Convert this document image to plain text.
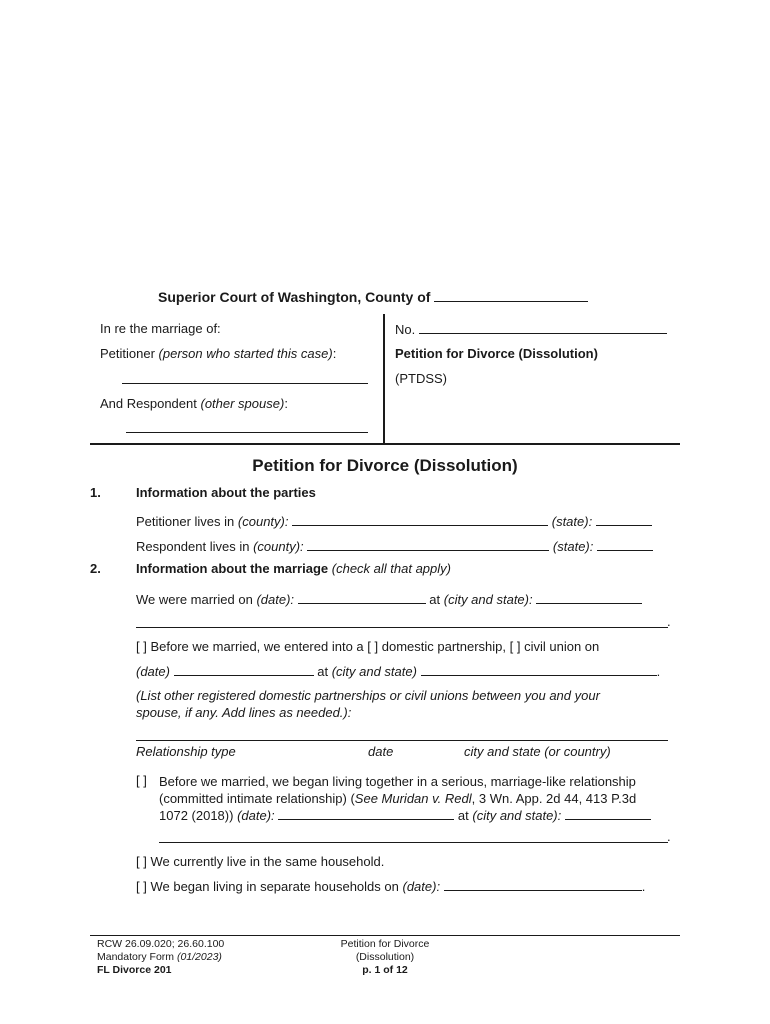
Superior Court of Washington, County of
In re the marriage of:
Petitioner (person who started this case):
And Respondent (other spouse):
No.
Petition for Divorce (Dissolution)
(PTDSS)
Petition for Divorce (Dissolution)
1.	Information about the parties
Petitioner lives in (county):	(state):
Respondent lives in (county):	(state):
2.	Information about the marriage (check all that apply)
We were married on (date):	at (city and state):
.
[ ] Before we married, we entered into a [ ] domestic partnership, [ ] civil union on
(date)	at (city and state)	.
(List other registered domestic partnerships or civil unions between you and your spouse, if any. Add lines as needed.):
Relationship type	date	city and state (or country)
[ ] Before we married, we began living together in a serious, marriage-like relationship
(committed intimate relationship) (See Muridan v. Redl, 3 Wn. App. 2d 44, 413 P.3d
1072 (2018)) (date):	at (city and state):
.
[ ] We currently live in the same household.
[ ] We began living in separate households on (date):	.
RCW 26.09.020; 26.60.100
Mandatory Form (01/2023)
FL Divorce 201
Petition for Divorce
(Dissolution)
p. 1 of 12
